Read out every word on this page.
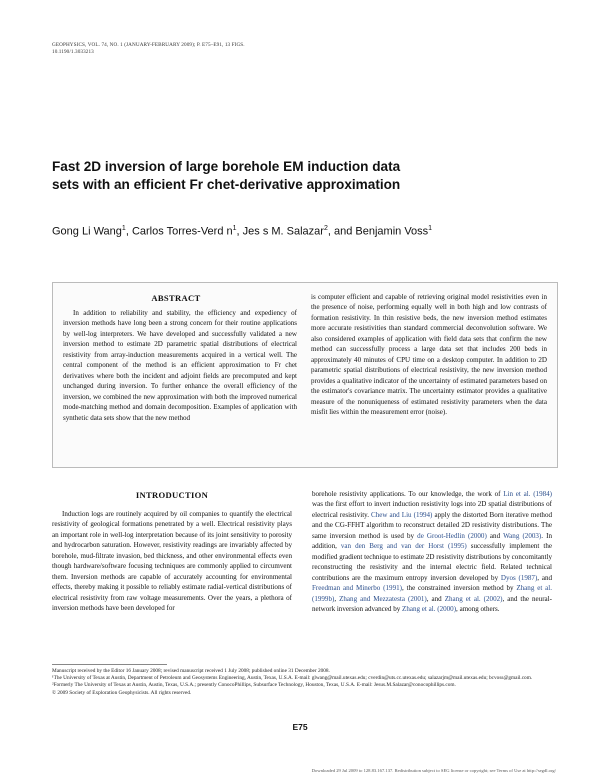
GEOPHYSICS, VOL. 74, NO. 1 (JANUARY-FEBRUARY 2009); P. E75–E91, 13 FIGS.
10.1190/1.3033213
Fast 2D inversion of large borehole EM induction data
sets with an efficient Fr chet-derivative approximation
Gong Li Wang$^1$, Carlos Torres-Verd $n^1$, Jes s M. Salazar$^2$, and Benjamin Voss$^1$
ABSTRACT
In addition to reliability and stability, the efficiency and expediency of inversion methods have long been a strong concern for their routine applications by well-log interpreters. We have developed and successfully validated a new inversion method to estimate 2D parametric spatial distributions of electrical resistivity from array-induction measurements acquired in a vertical well. The central component of the method is an efficient approximation to Fr chet derivatives where both the incident and adjoint fields are precomputed and kept unchanged during inversion. To further enhance the overall efficiency of the inversion, we combined the new approximation with both the improved numerical mode-matching method and domain decomposition. Examples of application with synthetic data sets show that the new method
is computer efficient and capable of retrieving original model resistivities even in the presence of noise, performing equally well in both high and low contrasts of formation resistivity. In thin resistive beds, the new inversion method estimates more accurate resistivities than standard commercial deconvolution software. We also considered examples of application with field data sets that confirm the new method can successfully process a large data set that includes 200 beds in approximately 40 minutes of CPU time on a desktop computer. In addition to 2D parametric spatial distributions of electrical resistivity, the new inversion method provides a qualitative indicator of the uncertainty of estimated parameters based on the estimator's covariance matrix. The uncertainty estimator provides a qualitative measure of the nonuniqueness of estimated resistivity parameters when the data misfit lies within the measurement error (noise).
INTRODUCTION
Induction logs are routinely acquired by oil companies to quantify the electrical resistivity of geological formations penetrated by a well. Electrical resistivity plays an important role in well-log interpretation because of its joint sensitivity to porosity and hydrocarbon saturation. However, resistivity readings are invariably affected by borehole, mud-filtrate invasion, bed thickness, and other environmental effects even though hardware/software focusing techniques are commonly applied to circumvent them. Inversion methods are capable of accurately accounting for environmental effects, thereby making it possible to reliably estimate radial-vertical distributions of electrical resistivity from raw voltage measurements. Over the years, a plethora of inversion methods have been developed for
borehole resistivity applications. To our knowledge, the work of Lin et al. (1984) was the first effort to invert induction resistivity logs into 2D spatial distributions of electrical resistivity. Chew and Liu (1994) apply the distorted Born iterative method and the CG-FFHT algorithm to reconstruct detailed 2D resistivity distributions. The same inversion method is used by de Groot-Hedlin (2000) and Wang (2003). In addition, van den Berg and van der Horst (1995) successfully implement the modified gradient technique to estimate 2D resistivity distributions by concomitantly reconstructing the resistivity and the internal electric field. Related technical contributions are the maximum entropy inversion developed by Dyos (1987), and Freedman and Minerbo (1991), the constrained inversion method by Zhang et al. (1999b), Zhang and Mezzatesta (2001), and Zhang et al. (2002), and the neural-network inversion advanced by Zhang et al. (2000), among others.

Manuscript received by the Editor 16 January 2008; revised manuscript received 1 July 2008; published online 31 December 2008.

¹The University of Texas at Austin, Department of Petroleum and Geosystems Engineering, Austin, Texas, U.S.A. E-mail: glwang@mail.utexas.edu; cverdin@uts.cc.utexas.edu; salazarjm@mail.utexas.edu; bcvoss@gmail.com.

²Formerly The University of Texas at Austin, Austin, Texas, U.S.A.; presently ConocoPhillips, Subsurface Technology, Houston, Texas, U.S.A. E-mail: Jesus.M.Salazar@conocophillips.com.

© 2009 Society of Exploration Geophysicists. All rights reserved.

E75
Downloaded 29 Jul 2009 to 128.83.167.137. Redistribution subject to SEG license or copyright; see Terms of Use at http://segdl.org/
